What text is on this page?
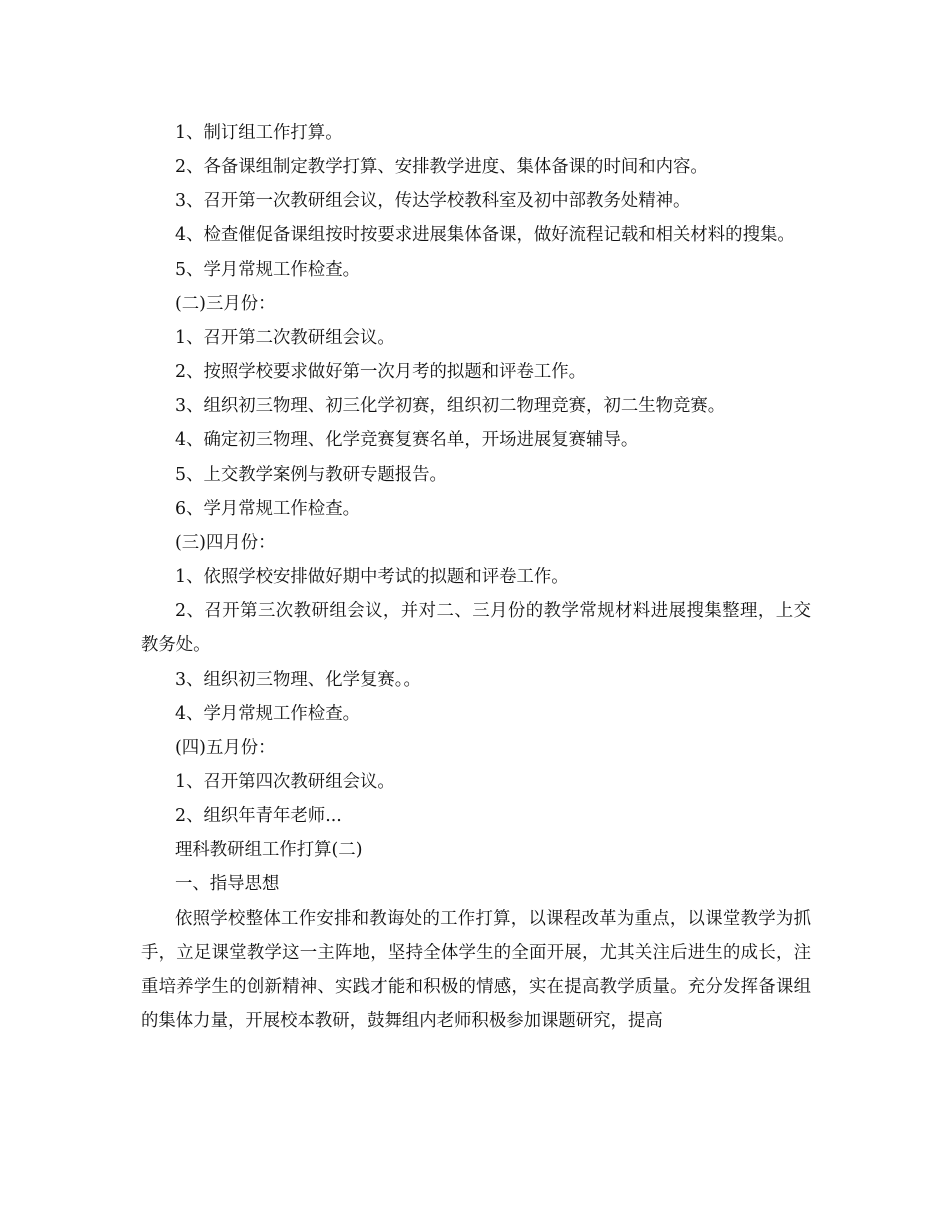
1、制订组工作打算。

2、各备课组制定教学打算、安排教学进度、集体备课的时间和内容。

3、召开第一次教研组会议，传达学校教科室及初中部教务处精神。

4、检查催促备课组按时按要求进展集体备课，做好流程记载和相关材料的搜集。

5、学月常规工作检查。

(二)三月份：

1、召开第二次教研组会议。

2、按照学校要求做好第一次月考的拟题和评卷工作。

3、组织初三物理、初三化学初赛，组织初二物理竞赛，初二生物竞赛。

4、确定初三物理、化学竞赛复赛名单，开场进展复赛辅导。

5、上交教学案例与教研专题报告。

6、学月常规工作检查。

(三)四月份：

1、依照学校安排做好期中考试的拟题和评卷工作。

2、召开第三次教研组会议，并对二、三月份的教学常规材料进展搜集整理，上交教务处。

3、组织初三物理、化学复赛。。

4、学月常规工作检查。

(四)五月份：

1、召开第四次教研组会议。

2、组织年青年老师...

理科教研组工作打算(二)

一、指导思想

依照学校整体工作安排和教诲处的工作打算，以课程改革为重点，以课堂教学为抓手，立足课堂教学这一主阵地，坚持全体学生的全面开展，尤其关注后进生的成长，注重培养学生的创新精神、实践才能和积极的情感，实在提高教学质量。充分发挥备课组的集体力量，开展校本教研，鼓舞组内老师积极参加课题研究，提高
